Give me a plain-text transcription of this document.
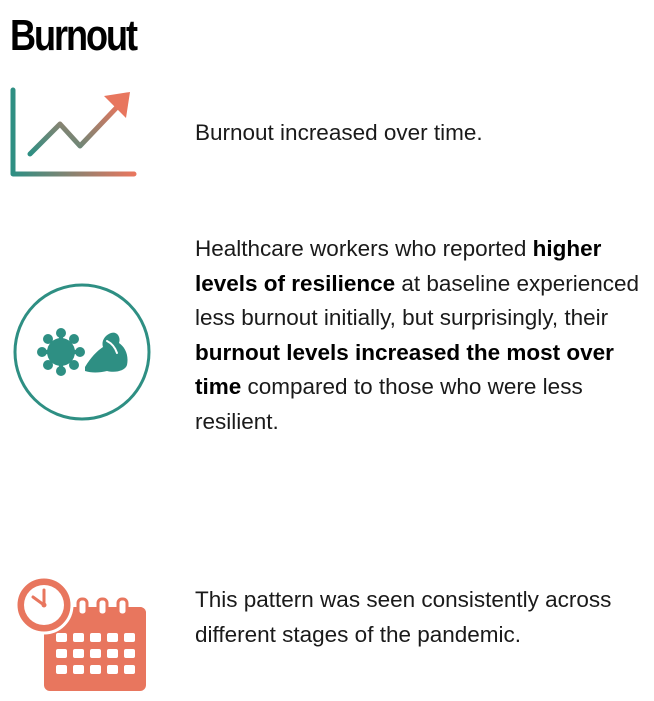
Burnout

Burnout increased over time.

Healthcare workers who reported higher levels of resilience at baseline experienced less burnout initially, but surprisingly, their burnout levels increased the most over time compared to those who were less resilient.

This pattern was seen consistently across different stages of the pandemic.
